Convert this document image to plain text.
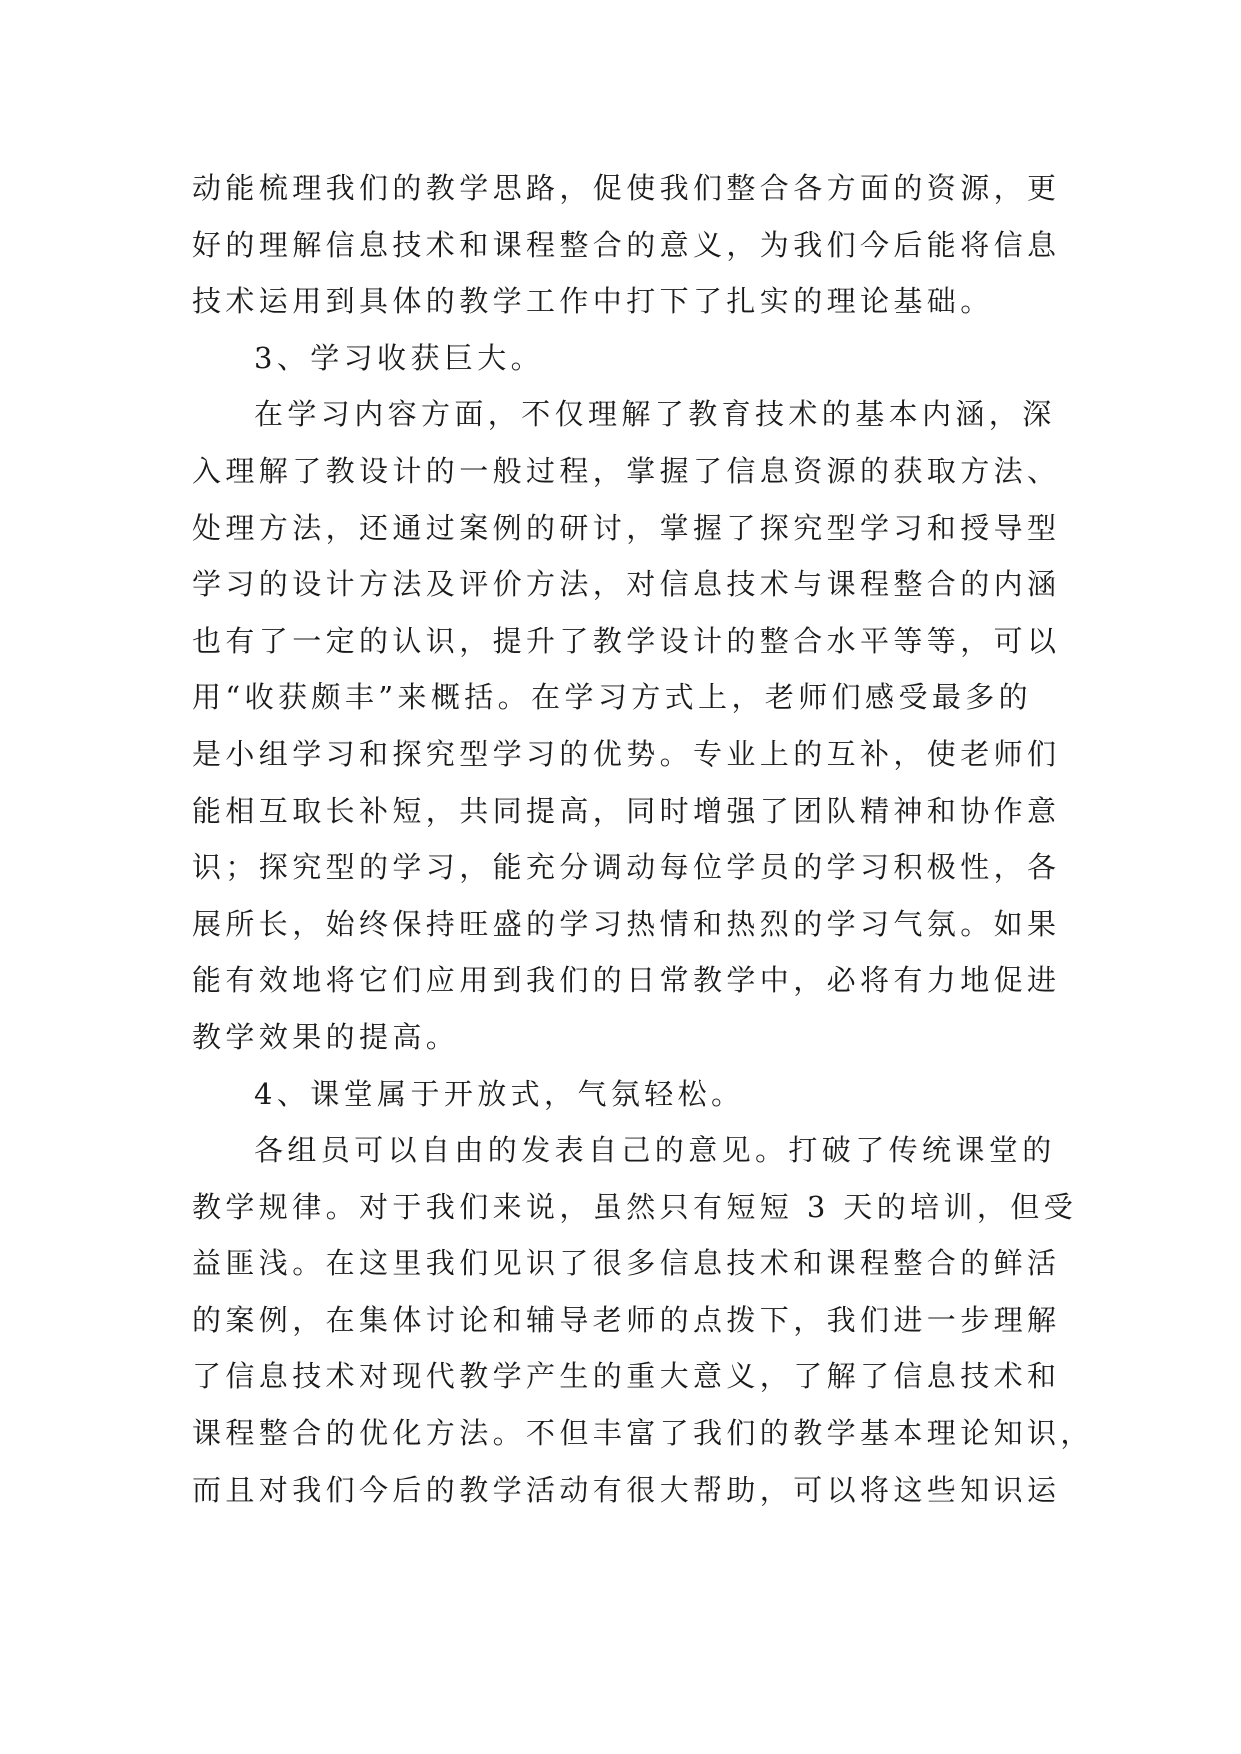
动能梳理我们的教学思路，促使我们整合各方面的资源，更
好的理解信息技术和课程整合的意义，为我们今后能将信息
技术运用到具体的教学工作中打下了扎实的理论基础。
3、学习收获巨大。
在学习内容方面，不仅理解了教育技术的基本内涵，深
入理解了教设计的一般过程，掌握了信息资源的获取方法、
处理方法，还通过案例的研讨，掌握了探究型学习和授导型
学习的设计方法及评价方法，对信息技术与课程整合的内涵
也有了一定的认识，提升了教学设计的整合水平等等，可以
用“收获颇丰”来概括。在学习方式上，老师们感受最多的
是小组学习和探究型学习的优势。专业上的互补，使老师们
能相互取长补短，共同提高，同时增强了团队精神和协作意
识；探究型的学习，能充分调动每位学员的学习积极性，各
展所长，始终保持旺盛的学习热情和热烈的学习气氛。如果
能有效地将它们应用到我们的日常教学中，必将有力地促进
教学效果的提高。
4、课堂属于开放式，气氛轻松。
各组员可以自由的发表自己的意见。打破了传统课堂的
教学规律。对于我们来说，虽然只有短短 3 天的培训，但受
益匪浅。在这里我们见识了很多信息技术和课程整合的鲜活
的案例，在集体讨论和辅导老师的点拨下，我们进一步理解
了信息技术对现代教学产生的重大意义，了解了信息技术和
课程整合的优化方法。不但丰富了我们的教学基本理论知识，
而且对我们今后的教学活动有很大帮助，可以将这些知识运
